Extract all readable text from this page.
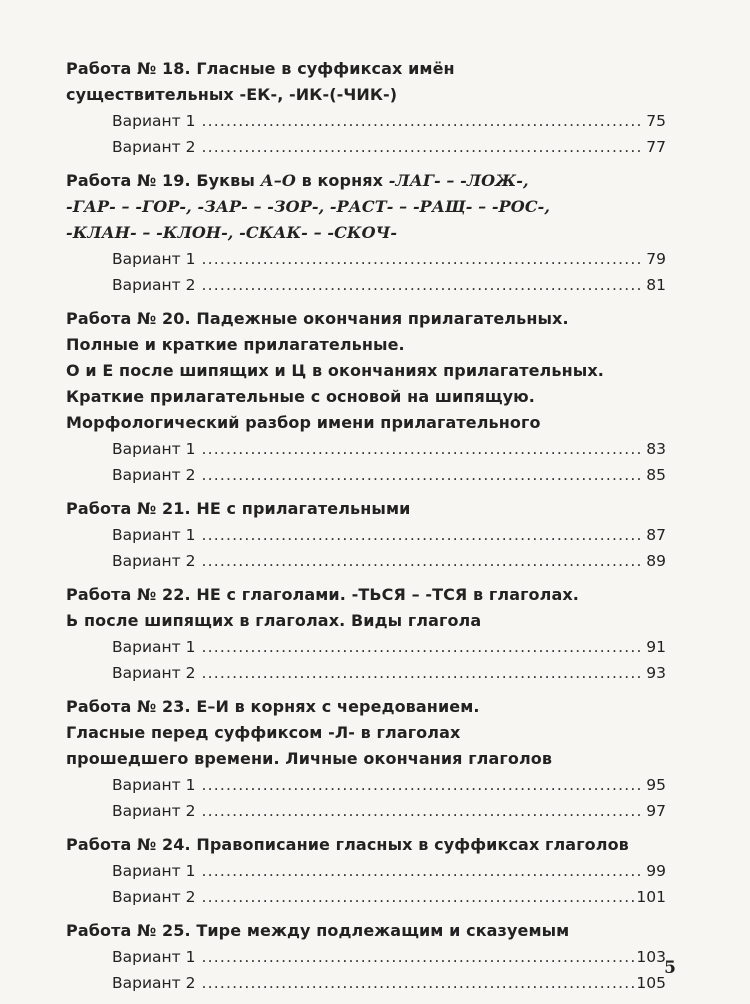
Работа № 18. Гласные в суффиксах имён
существительных -ЕК-, -ИК-(-ЧИК-)
Вариант 1 .....	75
Вариант 2 .....	77
Работа № 19. Буквы А–О в корнях -ЛАГ- – -ЛОЖ-,
-ГАР- – -ГОР-, -ЗАР- – -ЗОР-, -РАСТ- – -РАЩ- – -РОС-,
-КЛАН- – -КЛОН-, -СКАК- – -СКОЧ-
Вариант 1 .....	79
Вариант 2 .....	81
Работа № 20. Падежные окончания прилагательных.
Полные и краткие прилагательные.
О и Е после шипящих и Ц в окончаниях прилагательных.
Краткие прилагательные с основой на шипящую.
Морфологический разбор имени прилагательного
Вариант 1 .....	83
Вариант 2 .....	85
Работа № 21. НЕ с прилагательными
Вариант 1 .....	87
Вариант 2 .....	89
Работа № 22. НЕ с глаголами. -ТЬСЯ – -ТСЯ в глаголах.
Ь после шипящих в глаголах. Виды глагола
Вариант 1 .....	91
Вариант 2 .....	93
Работа № 23. Е–И в корнях с чередованием.
Гласные перед суффиксом -Л- в глаголах
прошедшего времени. Личные окончания глаголов
Вариант 1 .....	95
Вариант 2 .....	97
Работа № 24. Правописание гласных в суффиксах глаголов
Вариант 1 .....	99
Вариант 2 .....	101
Работа № 25. Тире между подлежащим и сказуемым
Вариант 1 .....	103
Вариант 2 .....	105
5
